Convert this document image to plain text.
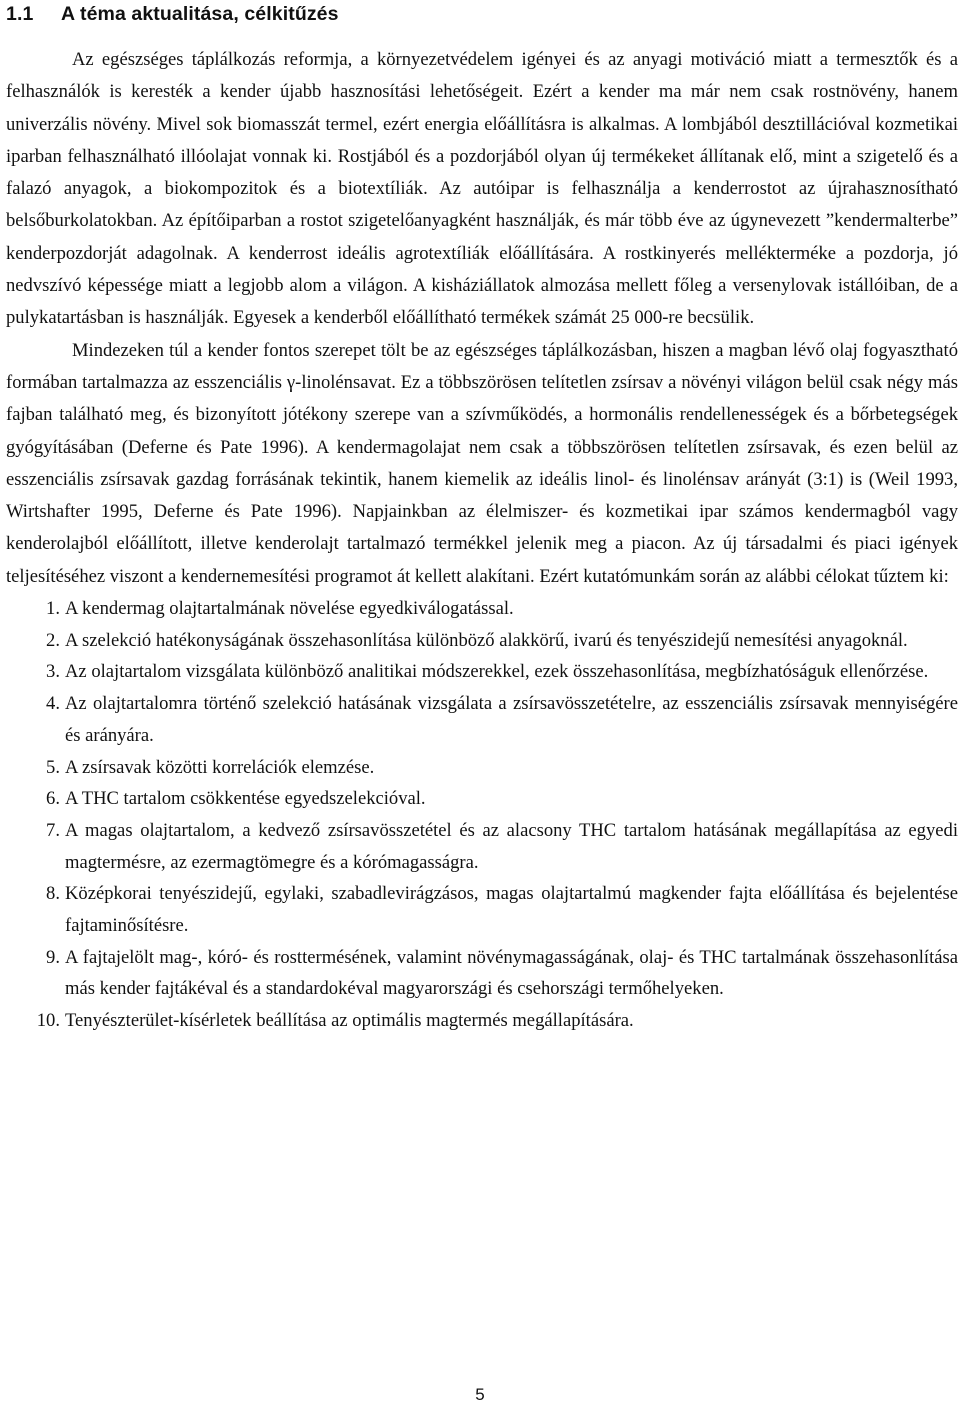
1.1 A téma aktualitása, célkitűzés

Az egészséges táplálkozás reformja, a környezetvédelem igényei és az anyagi motiváció miatt a termesztők és a felhasználók is keresték a kender újabb hasznosítási lehetőségeit. Ezért a kender ma már nem csak rostnövény, hanem univerzális növény. Mivel sok biomasszát termel, ezért energia előállításra is alkalmas. A lombjából desztillációval kozmetikai iparban felhasználható illóolajat vonnak ki. Rostjából és a pozdorjából olyan új termékeket állítanak elő, mint a szigetelő és a falazó anyagok, a biokompozitok és a biotextíliák. Az autóipar is felhasználja a kenderrostot az újrahasznosítható belsőburkolatokban. Az építőiparban a rostot szigetelőanyagként használják, és már több éve az úgynevezett ”kendermalterbe” kenderpozdorját adagolnak. A kenderrost ideális agrotextíliák előállítására. A rostkinyerés mellékterméke a pozdorja, jó nedvszívó képessége miatt a legjobb alom a világon. A kisháziállatok almozása mellett főleg a versenylovak istállóiban, de a pulykatartásban is használják. Egyesek a kenderből előállítható termékek számát 25 000-re becsülik.

Mindezeken túl a kender fontos szerepet tölt be az egészséges táplálkozásban, hiszen a magban lévő olaj fogyasztható formában tartalmazza az esszenciális γ-linolénsavat. Ez a többszörösen telítetlen zsírsav a növényi világon belül csak négy más fajban található meg, és bizonyított jótékony szerepe van a szívműködés, a hormonális rendellenességek és a bőrbetegségek gyógyításában (Deferne és Pate 1996). A kendermagolajat nem csak a többszörösen telítetlen zsírsavak, és ezen belül az esszenciális zsírsavak gazdag forrásának tekintik, hanem kiemelik az ideális linol- és linolénsav arányát (3:1) is (Weil 1993, Wirtshafter 1995, Deferne és Pate 1996). Napjainkban az élelmiszer- és kozmetikai ipar számos kendermagból vagy kenderolajból előállított, illetve kenderolajt tartalmazó termékkel jelenik meg a piacon. Az új társadalmi és piaci igények teljesítéséhez viszont a kendernemesítési programot át kellett alakítani. Ezért kutatómunkám során az alábbi célokat tűztem ki:

1. A kendermag olajtartalmának növelése egyedkiválogatással.
2. A szelekció hatékonyságának összehasonlítása különböző alakkörű, ivarú és tenyészidejű nemesítési anyagoknál.
3. Az olajtartalom vizsgálata különböző analitikai módszerekkel, ezek összehasonlítása, megbízhatóságuk ellenőrzése.
4. Az olajtartalomra történő szelekció hatásának vizsgálata a zsírsavösszetételre, az esszenciális zsírsavak mennyiségére és arányára.
5. A zsírsavak közötti korrelációk elemzése.
6. A THC tartalom csökkentése egyedszelekcióval.
7. A magas olajtartalom, a kedvező zsírsavösszetétel és az alacsony THC tartalom hatásának megállapítása az egyedi magtermésre, az ezermagtömegre és a kórómagasságra.
8. Középkorai tenyészidejű, egylaki, szabadlevirágzásos, magas olajtartalmú magkender fajta előállítása és bejelentése fajtaminősítésre.
9. A fajtajelölt mag-, kóró- és rosttermésének, valamint növénymagasságának, olaj- és THC tartalmának összehasonlítása más kender fajtákéval és a standardokéval magyarországi és csehországi termőhelyeken.
10. Tenyészterület-kísérletek beállítása az optimális magtermés megállapítására.
5
